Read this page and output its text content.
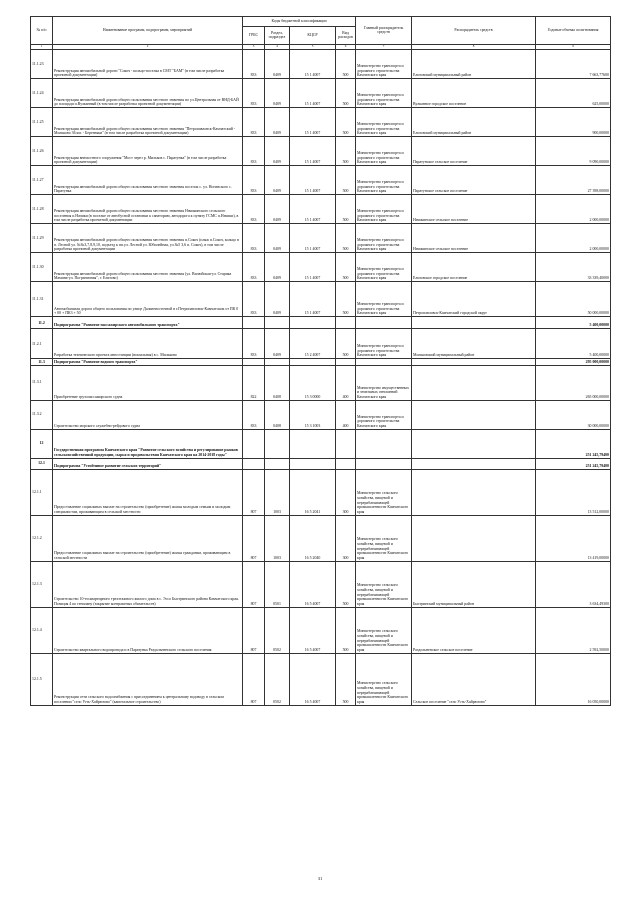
№ п/п	Наименование программ, подпрограмм, мероприятий	Коды бюджетной классификации				Главный распорядитель средств	Распорядитель средств	Годовые объемы ассигнования
		ГРБС	Раздел, подраздел	КЦСР	Вид расходов			
1	2	3	4	5	6	7	8	9
11.1.23	Реконструкция автомобильной дороги "Сокоч - кольцо-поселка в СМТ "БАМ" (в том числе разработка проектной документации)	833	0409	15 1 4007	500	Министерство транспорта и дорожного строительства Камчатского края	Елизовский муниципальный район	7 663,77600
11.1.24	Реконструкция автомобильной дороги общего пользования местного значения по ул.Центральная от ВНД-БАЙ до площади п.Вулканный (в том числе разработка проектной документации)	833	0409	15 1 4007	500	Министерство транспорта и дорожного строительства Камчатского края	Вулканное городское поселение	625,00000
11.1.25	Реконструкция автомобильной дороги общего пользования местного значения "Петропавловск-Камчатский - Мильково 36 км. - Березняки" (в том числе разработка проектной документации)	833	0409	15 1 4007	500	Министерство транспорта и дорожного строительства Камчатского края	Елизовский муниципальный район	900,00000
11.1.26	Реконструкция внемостного сооружения "Мост через р. Мильков с. Паратунка" (в том числе разработка проектной документации)	833	0409	15 1 4007	500	Министерство транспорта и дорожного строительства Камчатского края	Паратунское сельское поселение	9 090,00000
11.1.27	Реконструкция автомобильной дороги общего пользования местного значения поселок с. ул. Ногинского с. Паратунка	833	0409	15 1 4007	500	Министерство транспорта и дорожного строительства Камчатского края	Паратунское сельское поселение	27 398,00000
11.1.28	Реконструкция автомобильной дороги общего пользования местного значения Начикинского сельского поселения п.Начики (в поселке от автобусной остановки к санаторию, автодорога к пункту ГСМС п.Начики), в том числе разработка проектной документации	833	0409	15 1 4007	500	Министерство транспорта и дорожного строительства Камчатского края	Начикинское сельское поселение	2 000,00000
11.1.29	Реконструкция автомобильной дороги общего пользования местного значения п.Сокоч (пляж п.Сокоч, кольцо в п. Лесной ул. №№3,7,8,9,10, подъезд к пп.ул. Лесной ул. Юбилейная, ул.№5 3,6 п. Сокоч), в том числе разработка проектной документации	833	0409	15 1 4007	500	Министерство транспорта и дорожного строительства Камчатского края	Начикинское сельское поселение	2 000,00000
11.1.30	Реконструкция автомобильной дороги общего пользования местного значения (ул. Вилюйская-ул. Старика Мамина-ул. Пограничная", г. Елизово)	833	0409	15 1 4007	500	Министерство транспорта и дорожного строительства Камчатского края	Елизовское городское поселение	33 339,40000
11.1.31	Автомобильная дорога общего пользования по улице Дальневосточной в г.Петропавловск-Камчатском от ПК 0 + 00 + ПК3 + 50	833	0409	15 1 4007	500	Министерство транспорта и дорожного строительства Камчатского края	Петропавловск-Камчатский городской округ	50 000,00000
11.2	Подпрограмма "Развитие пассажирского автомобильного транспорта"							5 400,00000
11.2.1	Разработка технического проекта автостанции (вокзальная) в с. Мильково	833	0409	15 2 4007	500	Министерство транспорта и дорожного строительства Камчатского края	Мильковский муниципальный район	5 400,00000
11.3	Подпрограмма "Развитие водного транспорта"							295 000,00000
11.3.1	Приобретение грузопассажирского судна	822	0408	15 3 0000	400	Министерство имущественных и земельных отношений Камчатского края		265 000,00000
11.3.2	Строительство морского служебно-рейдового судна	833	0408	15 3 1003	400	Министерство транспорта и дорожного строительства Камчатского края		30 000,00000
12	Государственная программа Камчатского края "Развитие сельского хозяйства и регулирование рынков сельскохозяйственной продукции, сырья и продовольствия Камчатского края на 2014-2018 годы"							251 245,79400
12.1	Подпрограмма "Устойчивое развитие сельских территорий"							251 245,79400
12.1.1	Предоставление социальных выплат на строительство (приобретение) жилья молодым семьям и молодым специалистам, проживающим в сельской местности	807	1003	16 5 2041	300	Министерство сельского хозяйства, пищевой и перерабатывающей промышленности Камчатского края		13 512,00000
12.1.2	Предоставление социальных выплат на строительство (приобретение) жилья гражданам, проживающим в сельской местности	807	1003	16 5 2040	300	Министерство сельского хозяйства, пищевой и перерабатывающей промышленности Камчатского края		13 419,00000
12.1.3	Строительство 10-ти квартирного трехэтажного жилого дома в с. Эссо Быстринского района Камчатского края. Позиция 4 по генплану (закрытие контрактных обязательств)	807	0501	16 5 4007	500	Министерство сельского хозяйства, пищевой и перерабатывающей промышленности Камчатского края	Быстринский муниципальный район	3 634,49300
12.1.4	Строительство квартального водопровода и в Паратунка Раздольненского сельского поселения	807	0502	16 5 4007	500	Министерство сельского хозяйства, пищевой и перерабатывающей промышленности Камчатского края	Раздольненское сельское поселение	2 592,50000
12.1.5	Реконструкция сети сельского водоснабжения с присоединением к центральному водоводу в сельском поселении "село Усть-Хайрюзово" (капитальное строительство)	807	0502	16 5 4007	500	Министерство сельского хозяйства, пищевой и перерабатывающей промышленности Камчатского края	Сельское поселение "село Усть-Хайрюзово"	16 050,00000
31
